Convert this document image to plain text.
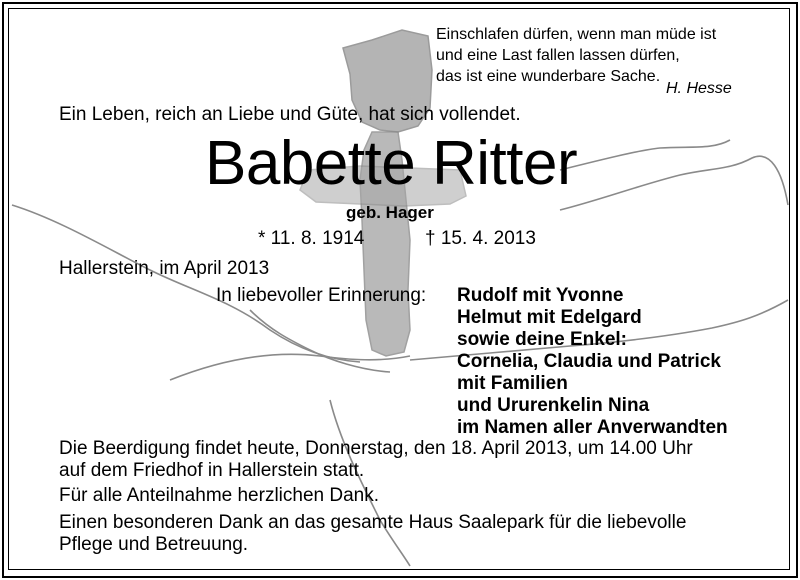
Einschlafen dürfen, wenn man müde ist
und eine Last fallen lassen dürfen,
das ist eine wunderbare Sache.
H. Hesse
Ein Leben, reich an Liebe und Güte, hat sich vollendet.
Babette Ritter
geb. Hager
* 11. 8. 1914	† 15. 4. 2013
Hallerstein, im April 2013
In liebevoller Erinnerung: Rudolf mit Yvonne
Helmut mit Edelgard
sowie deine Enkel:
Cornelia, Claudia und Patrick
mit Familien
und Ururenkelin Nina
im Namen aller Anverwandten
Die Beerdigung findet heute, Donnerstag, den 18. April 2013, um 14.00 Uhr
auf dem Friedhof in Hallerstein statt.
Für alle Anteilnahme herzlichen Dank.
Einen besonderen Dank an das gesamte Haus Saalepark für die liebevolle
Pflege und Betreuung.
